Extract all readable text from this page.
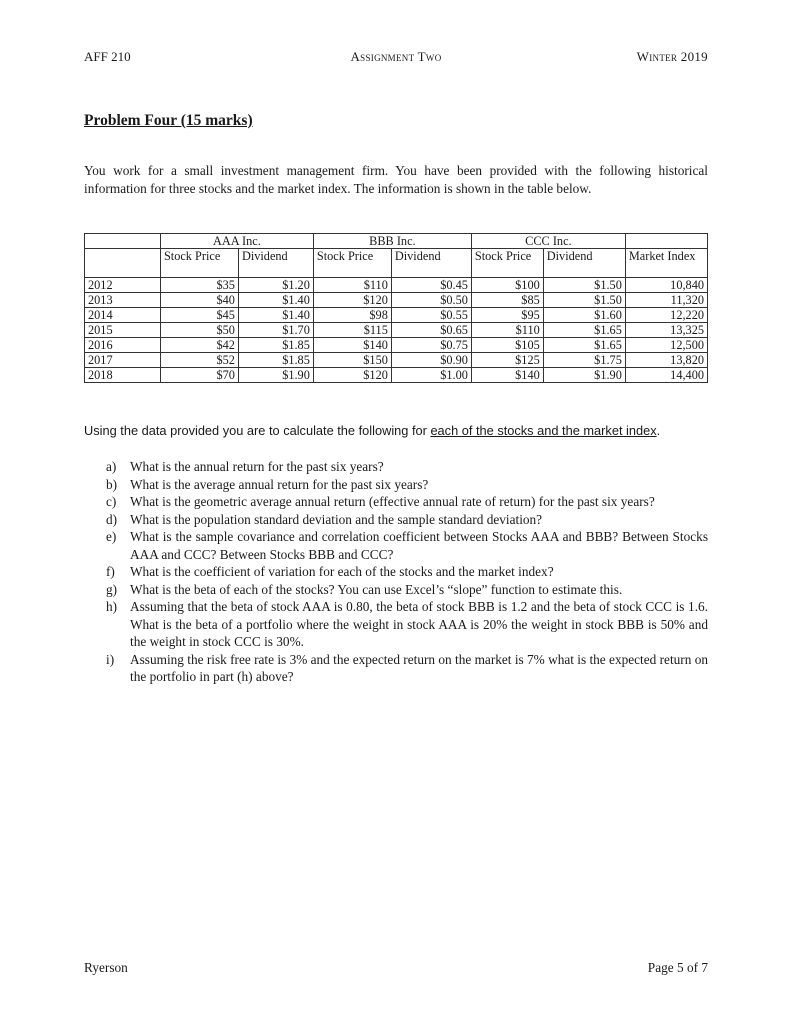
AFF 210	Assignment Two	Winter 2019
Problem Four (15 marks)
You work for a small investment management firm. You have been provided with the following historical information for three stocks and the market index. The information is shown in the table below.
	AAA Inc.		BBB Inc.		CCC Inc.		
	Stock Price	Dividend	Stock Price	Dividend	Stock Price	Dividend	Market Index
2012	$35	$1.20	$110	$0.45	$100	$1.50	10,840
2013	$40	$1.40	$120	$0.50	$85	$1.50	11,320
2014	$45	$1.40	$98	$0.55	$95	$1.60	12,220
2015	$50	$1.70	$115	$0.65	$110	$1.65	13,325
2016	$42	$1.85	$140	$0.75	$105	$1.65	12,500
2017	$52	$1.85	$150	$0.90	$125	$1.75	13,820
2018	$70	$1.90	$120	$1.00	$140	$1.90	14,400
Using the data provided you are to calculate the following for each of the stocks and the market index.
a) What is the annual return for the past six years?
b) What is the average annual return for the past six years?
c) What is the geometric average annual return (effective annual rate of return) for the past six years?
d) What is the population standard deviation and the sample standard deviation?
e) What is the sample covariance and correlation coefficient between Stocks AAA and BBB? Between Stocks AAA and CCC? Between Stocks BBB and CCC?
f) What is the coefficient of variation for each of the stocks and the market index?
g) What is the beta of each of the stocks? You can use Excel’s “slope” function to estimate this.
h) Assuming that the beta of stock AAA is 0.80, the beta of stock BBB is 1.2 and the beta of stock CCC is 1.6. What is the beta of a portfolio where the weight in stock AAA is 20% the weight in stock BBB is 50% and the weight in stock CCC is 30%.
i) Assuming the risk free rate is 3% and the expected return on the market is 7% what is the expected return on the portfolio in part (h) above?
Ryerson	Page 5 of 7
